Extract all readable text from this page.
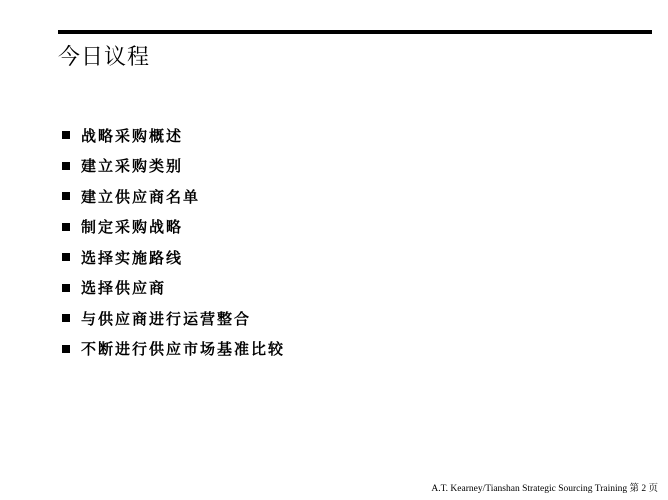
今日议程
战略采购概述
建立采购类别
建立供应商名单
制定采购战略
选择实施路线
选择供应商
与供应商进行运营整合
不断进行供应市场基准比较
A.T. Kearney/Tianshan Strategic Sourcing Training 第 2 页
